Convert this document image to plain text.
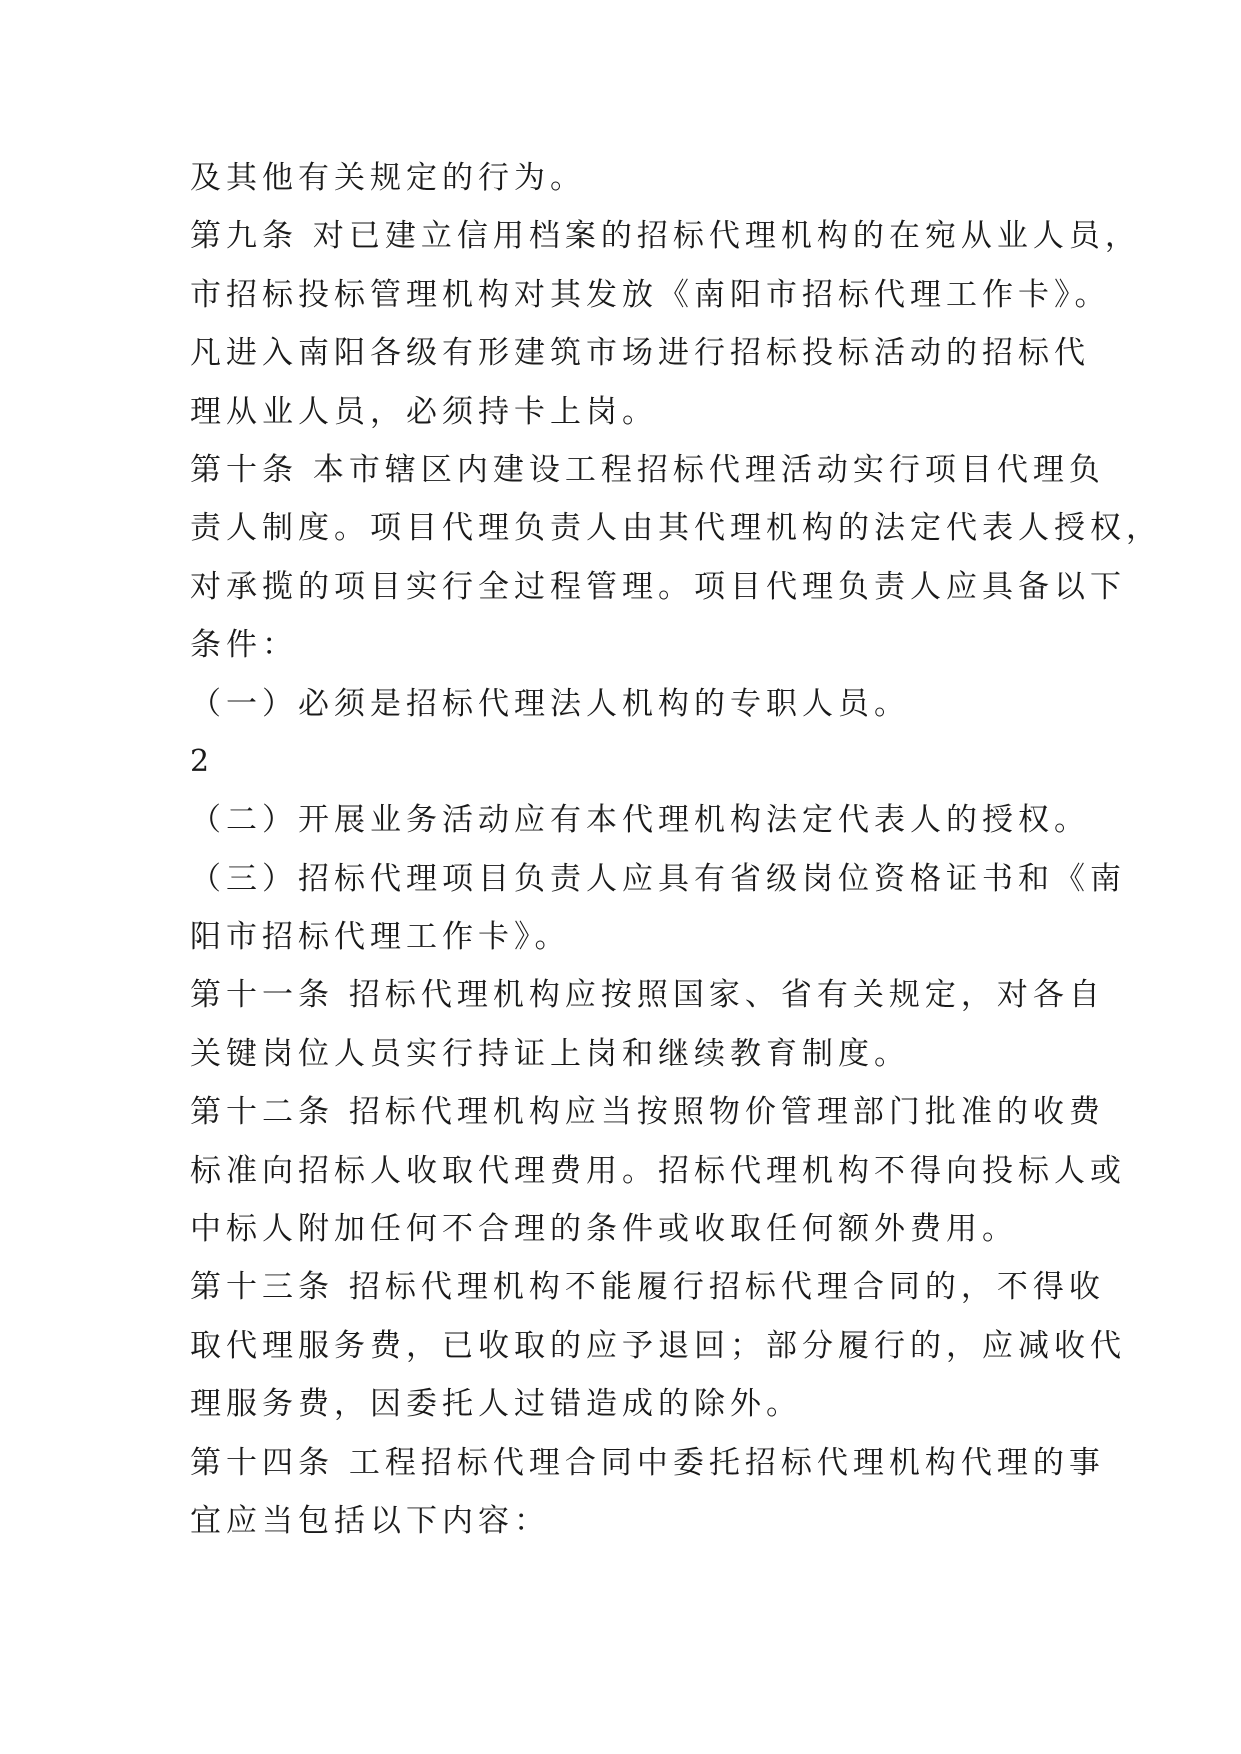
及其他有关规定的行为。
第九条 对已建立信用档案的招标代理机构的在宛从业人员，
市招标投标管理机构对其发放《南阳市招标代理工作卡》。
凡进入南阳各级有形建筑市场进行招标投标活动的招标代
理从业人员，必须持卡上岗。
第十条 本市辖区内建设工程招标代理活动实行项目代理负
责人制度。项目代理负责人由其代理机构的法定代表人授权，
对承揽的项目实行全过程管理。项目代理负责人应具备以下
条件：
（一）必须是招标代理法人机构的专职人员。
2
（二）开展业务活动应有本代理机构法定代表人的授权。
（三）招标代理项目负责人应具有省级岗位资格证书和《南
阳市招标代理工作卡》。
第十一条 招标代理机构应按照国家、省有关规定，对各自
关键岗位人员实行持证上岗和继续教育制度。
第十二条 招标代理机构应当按照物价管理部门批准的收费
标准向招标人收取代理费用。招标代理机构不得向投标人或
中标人附加任何不合理的条件或收取任何额外费用。
第十三条 招标代理机构不能履行招标代理合同的，不得收
取代理服务费，已收取的应予退回；部分履行的，应减收代
理服务费，因委托人过错造成的除外。
第十四条 工程招标代理合同中委托招标代理机构代理的事
宜应当包括以下内容：
